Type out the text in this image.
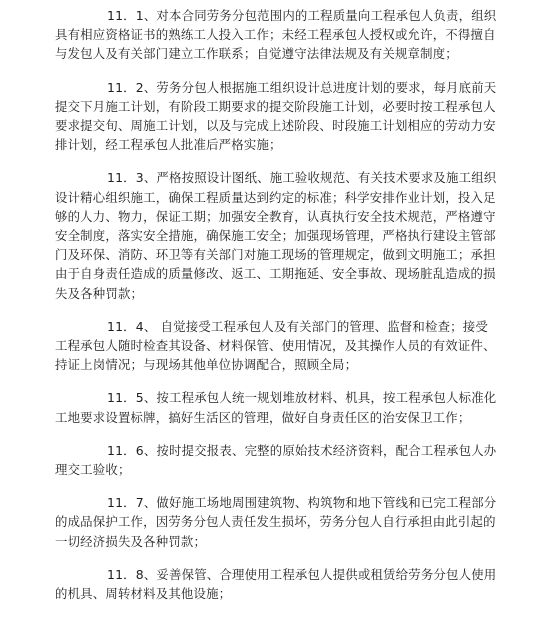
11．1、对本合同劳务分包范围内的工程质量向工程承包人负责，组织
具有相应资格证书的熟练工人投入工作；未经工程承包人授权或允许，不得擅自
与发包人及有关部门建立工作联系；自觉遵守法律法规及有关规章制度；

11．2、劳务分包人根据施工组织设计总进度计划的要求，每月底前天
提交下月施工计划，有阶段工期要求的提交阶段施工计划，必要时按工程承包人
要求提交旬、周施工计划，以及与完成上述阶段、时段施工计划相应的劳动力安
排计划，经工程承包人批准后严格实施；

11．3、严格按照设计图纸、施工验收规范、有关技术要求及施工组织
设计精心组织施工，确保工程质量达到约定的标准；科学安排作业计划，投入足
够的人力、物力，保证工期；加强安全教育，认真执行安全技术规范，严格遵守
安全制度，落实安全措施，确保施工安全；加强现场管理，严格执行建设主管部
门及环保、消防、环卫等有关部门对施工现场的管理规定，做到文明施工；承担
由于自身责任造成的质量修改、返工、工期拖延、安全事故、现场脏乱造成的损
失及各种罚款；

11．4、 自觉接受工程承包人及有关部门的管理、监督和检查；接受
工程承包人随时检查其设备、材料保管、使用情况，及其操作人员的有效证件、
持证上岗情况；与现场其他单位协调配合，照顾全局；

11．5、按工程承包人统一规划堆放材料、机具，按工程承包人标准化
工地要求设置标牌，搞好生活区的管理，做好自身责任区的治安保卫工作；

11．6、按时提交报表、完整的原始技术经济资料，配合工程承包人办
理交工验收；

11．7、做好施工场地周围建筑物、构筑物和地下管线和已完工程部分
的成品保护工作，因劳务分包人责任发生损坏，劳务分包人自行承担由此引起的
一切经济损失及各种罚款；

11．8、妥善保管、合理使用工程承包人提供或租赁给劳务分包人使用
的机具、周转材料及其他设施；
